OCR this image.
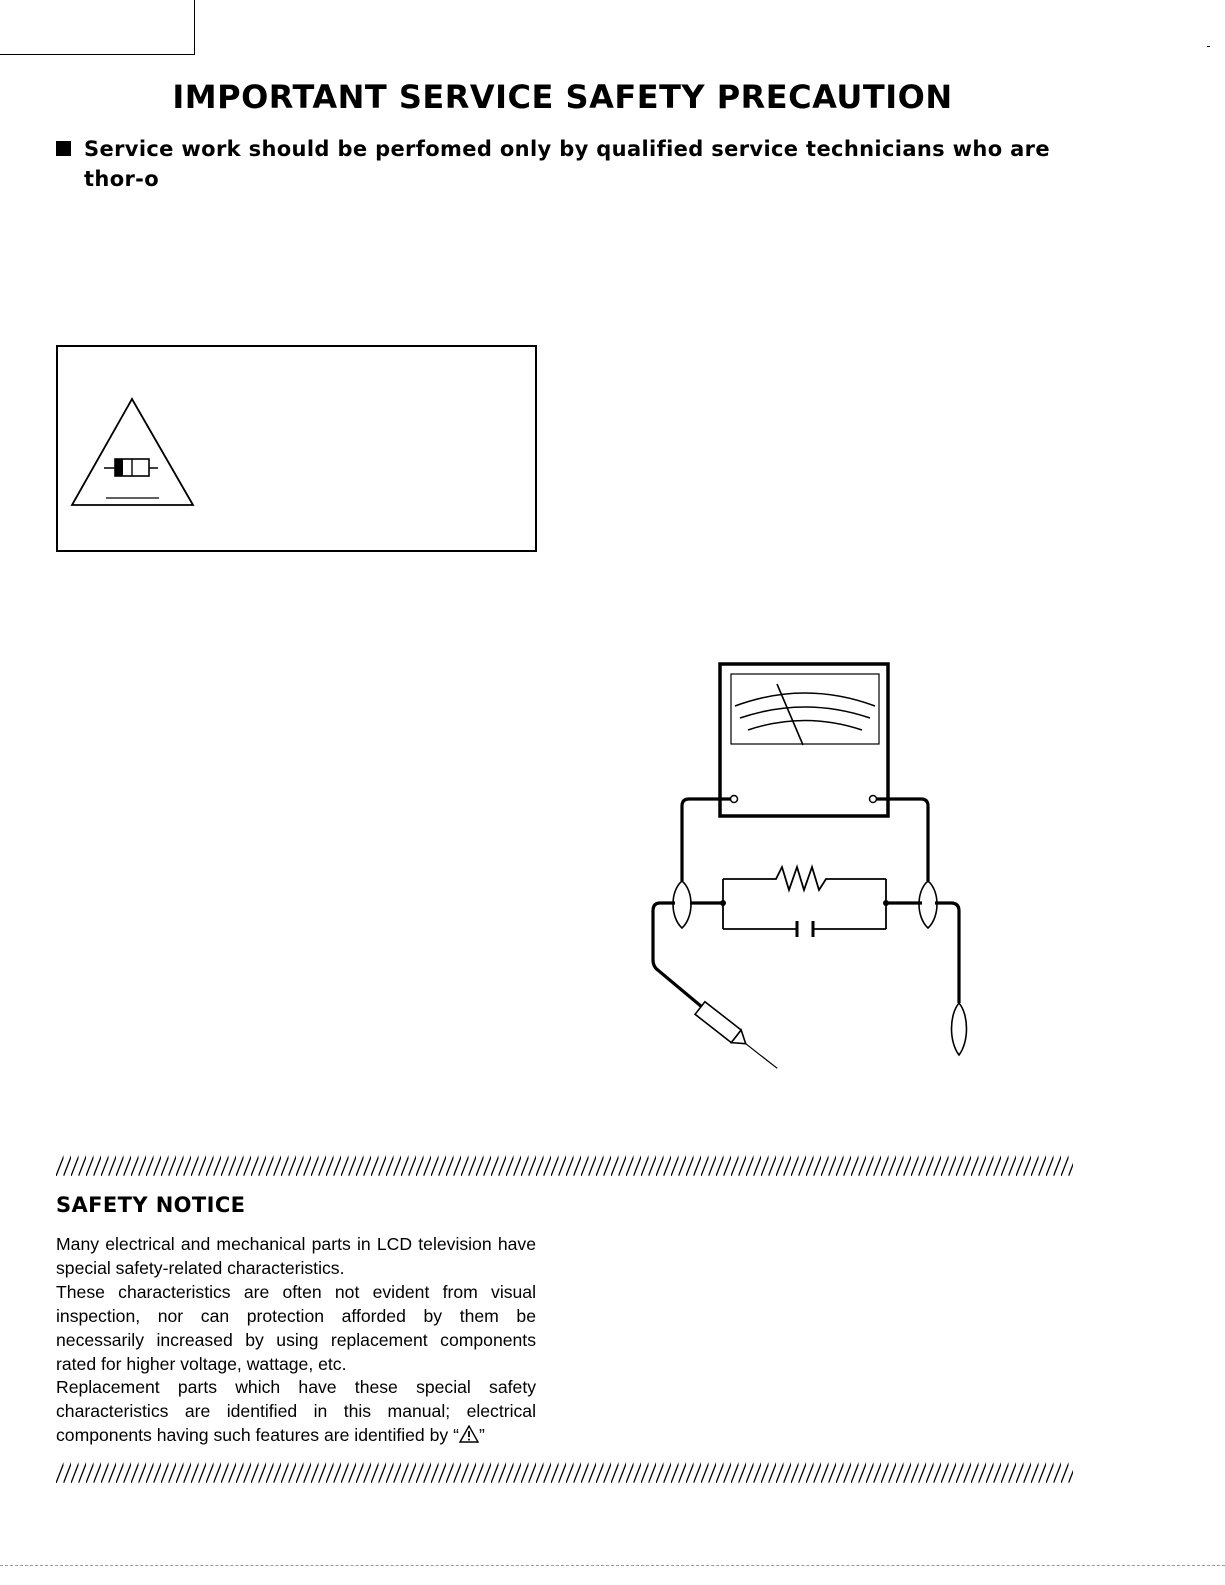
IMPORTANT SERVICE SAFETY PRECAUTION
Service work should be perfomed only by qualified service technicians who are thor-o
SAFETY NOTICE

Many electrical and mechanical parts in LCD television have special safety-related characteristics.

These characteristics are often not evident from visual inspection, nor can protection afforded by them be necessarily increased by using replacement components rated for higher voltage, wattage, etc.

Replacement parts which have these special safety characteristics are identified in this manual; electrical components having such features are identified by “ ”
